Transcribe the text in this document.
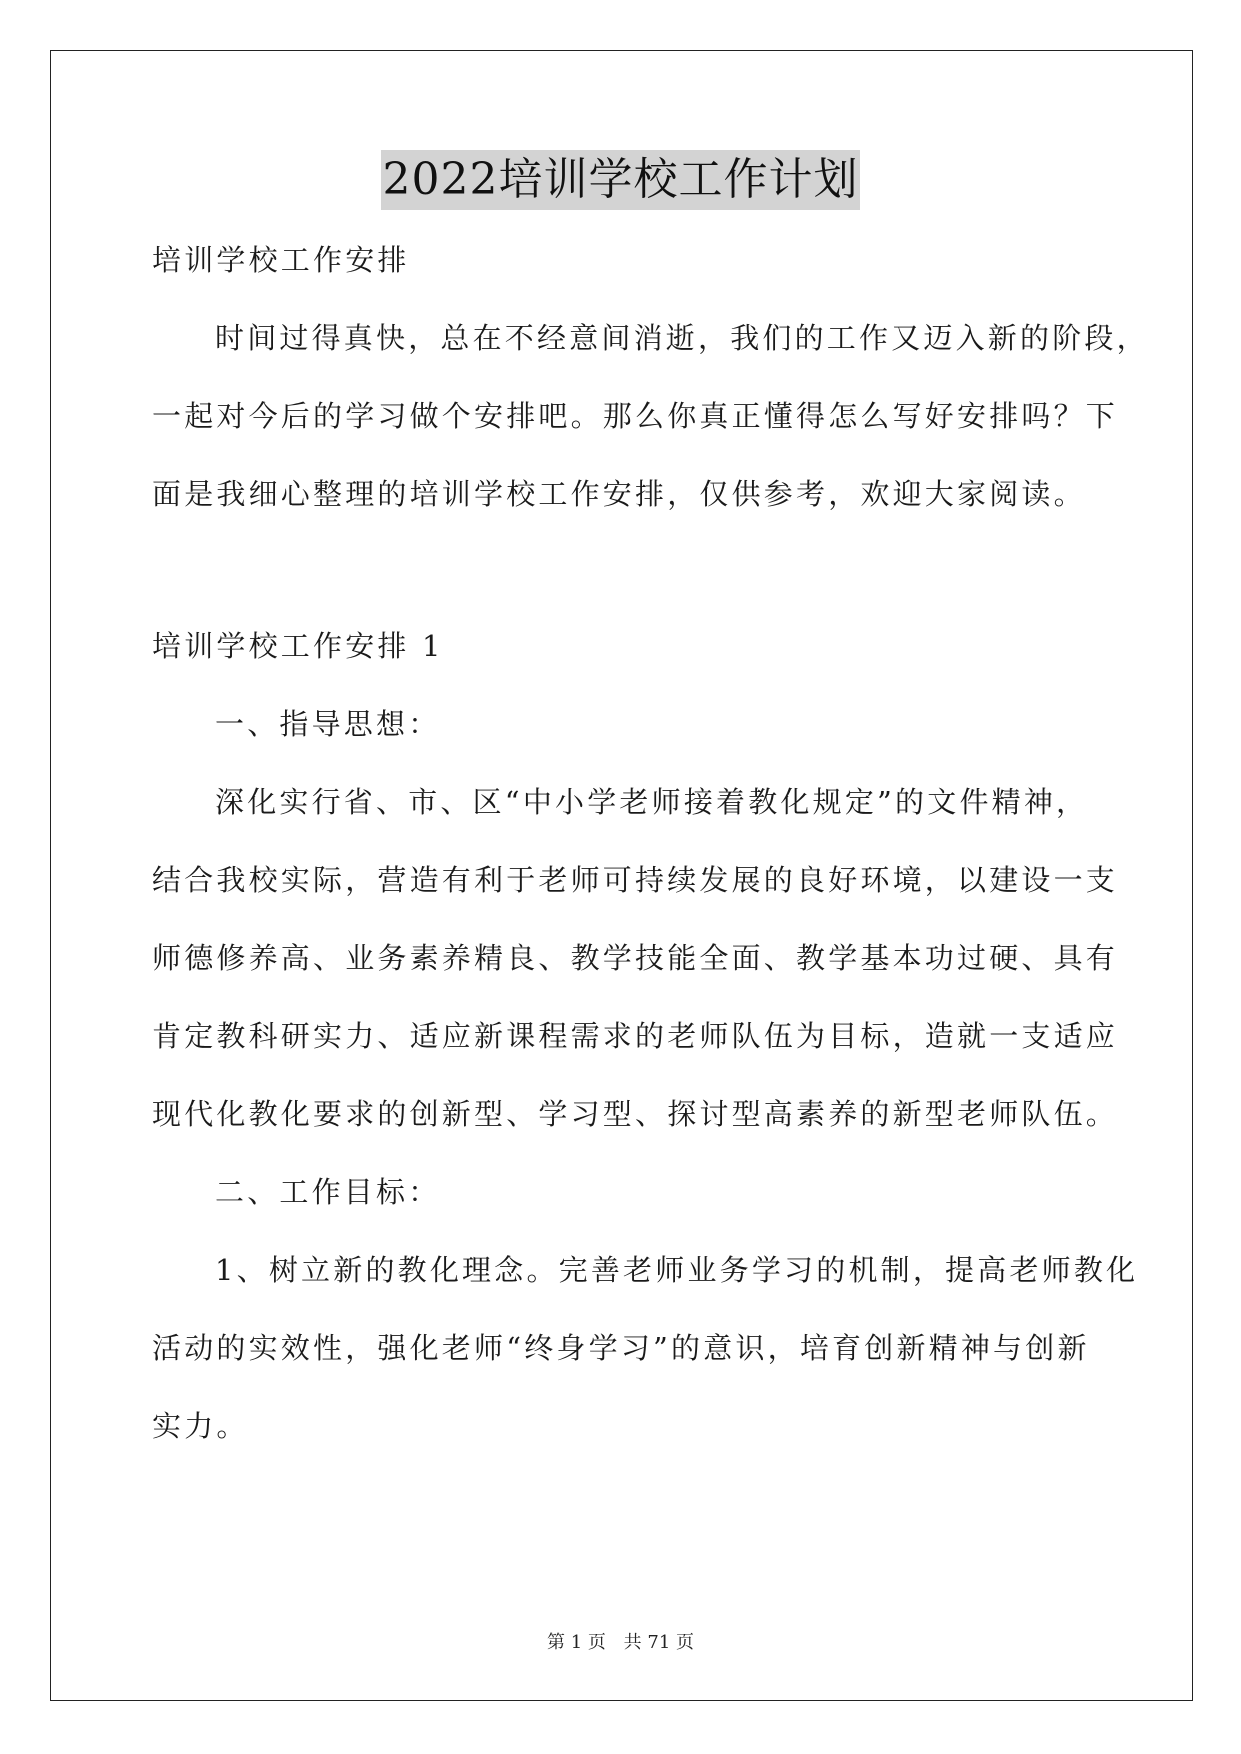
2022培训学校工作计划
培训学校工作安排
时间过得真快，总在不经意间消逝，我们的工作又迈入新的阶段，
一起对今后的学习做个安排吧。那么你真正懂得怎么写好安排吗？下
面是我细心整理的培训学校工作安排，仅供参考，欢迎大家阅读。
培训学校工作安排 1
一、指导思想：
深化实行省、市、区“中小学老师接着教化规定”的文件精神，
结合我校实际，营造有利于老师可持续发展的良好环境，以建设一支
师德修养高、业务素养精良、教学技能全面、教学基本功过硬、具有
肯定教科研实力、适应新课程需求的老师队伍为目标，造就一支适应
现代化教化要求的创新型、学习型、探讨型高素养的新型老师队伍。
二、工作目标：
1、树立新的教化理念。完善老师业务学习的机制，提高老师教化
活动的实效性，强化老师“终身学习”的意识，培育创新精神与创新
实力。
第 1 页 共 71 页
